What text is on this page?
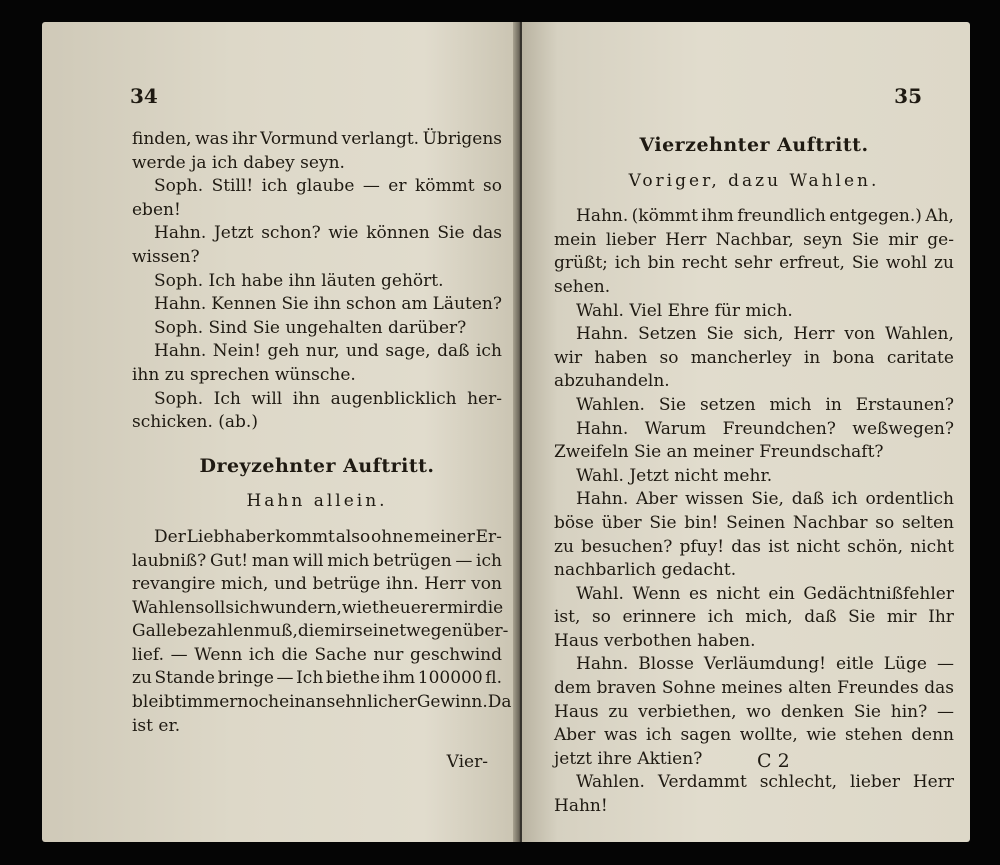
34
finden, was ihr Vormund verlangt. Übrigens
werde ja ich dabey seyn.
Soph. Still! ich glaube — er kömmt so
eben!
Hahn. Jetzt schon? wie können Sie das
wissen?
Soph. Ich habe ihn läuten gehört.
Hahn. Kennen Sie ihn schon am Läuten?
Soph. Sind Sie ungehalten darüber?
Hahn. Nein! geh nur, und sage, daß ich
ihn zu sprechen wünsche.
Soph. Ich will ihn augenblicklich her-
schicken. (ab.)
Dreyzehnter Auftritt.
Hahn allein.
Der Liebhaber kommt also ohne meiner Er-
laubniß? Gut! man will mich betrügen — ich
revangire mich, und betrüge ihn. Herr von
Wahlen soll sich wundern, wie theuer er mir die
Galle bezahlen muß, die mir seinetwegen über-
lief. — Wenn ich die Sache nur geschwind
zu Stande bringe — Ich biethe ihm 100000 fl.
bleibt immer noch ein ansehnlicher Gewinn. Da
ist er.
Vier-
35
Vierzehnter Auftritt.
Voriger, dazu Wahlen.
Hahn. (kömmt ihm freundlich entgegen.) Ah,
mein lieber Herr Nachbar, seyn Sie mir ge-
grüßt; ich bin recht sehr erfreut, Sie wohl zu
sehen.
Wahl. Viel Ehre für mich.
Hahn. Setzen Sie sich, Herr von Wahlen,
wir haben so mancherley in bona caritate
abzuhandeln.
Wahlen. Sie setzen mich in Erstaunen?
Hahn. Warum Freundchen? weßwegen?
Zweifeln Sie an meiner Freundschaft?
Wahl. Jetzt nicht mehr.
Hahn. Aber wissen Sie, daß ich ordentlich
böse über Sie bin! Seinen Nachbar so selten
zu besuchen? pfuy! das ist nicht schön, nicht
nachbarlich gedacht.
Wahl. Wenn es nicht ein Gedächtnißfehler
ist, so erinnere ich mich, daß Sie mir Ihr
Haus verbothen haben.
Hahn. Blosse Verläumdung! eitle Lüge —
dem braven Sohne meines alten Freundes das
Haus zu verbiethen, wo denken Sie hin? —
Aber was ich sagen wollte, wie stehen denn
jetzt ihre Aktien?
Wahlen. Verdammt schlecht, lieber Herr
Hahn!
C 2
